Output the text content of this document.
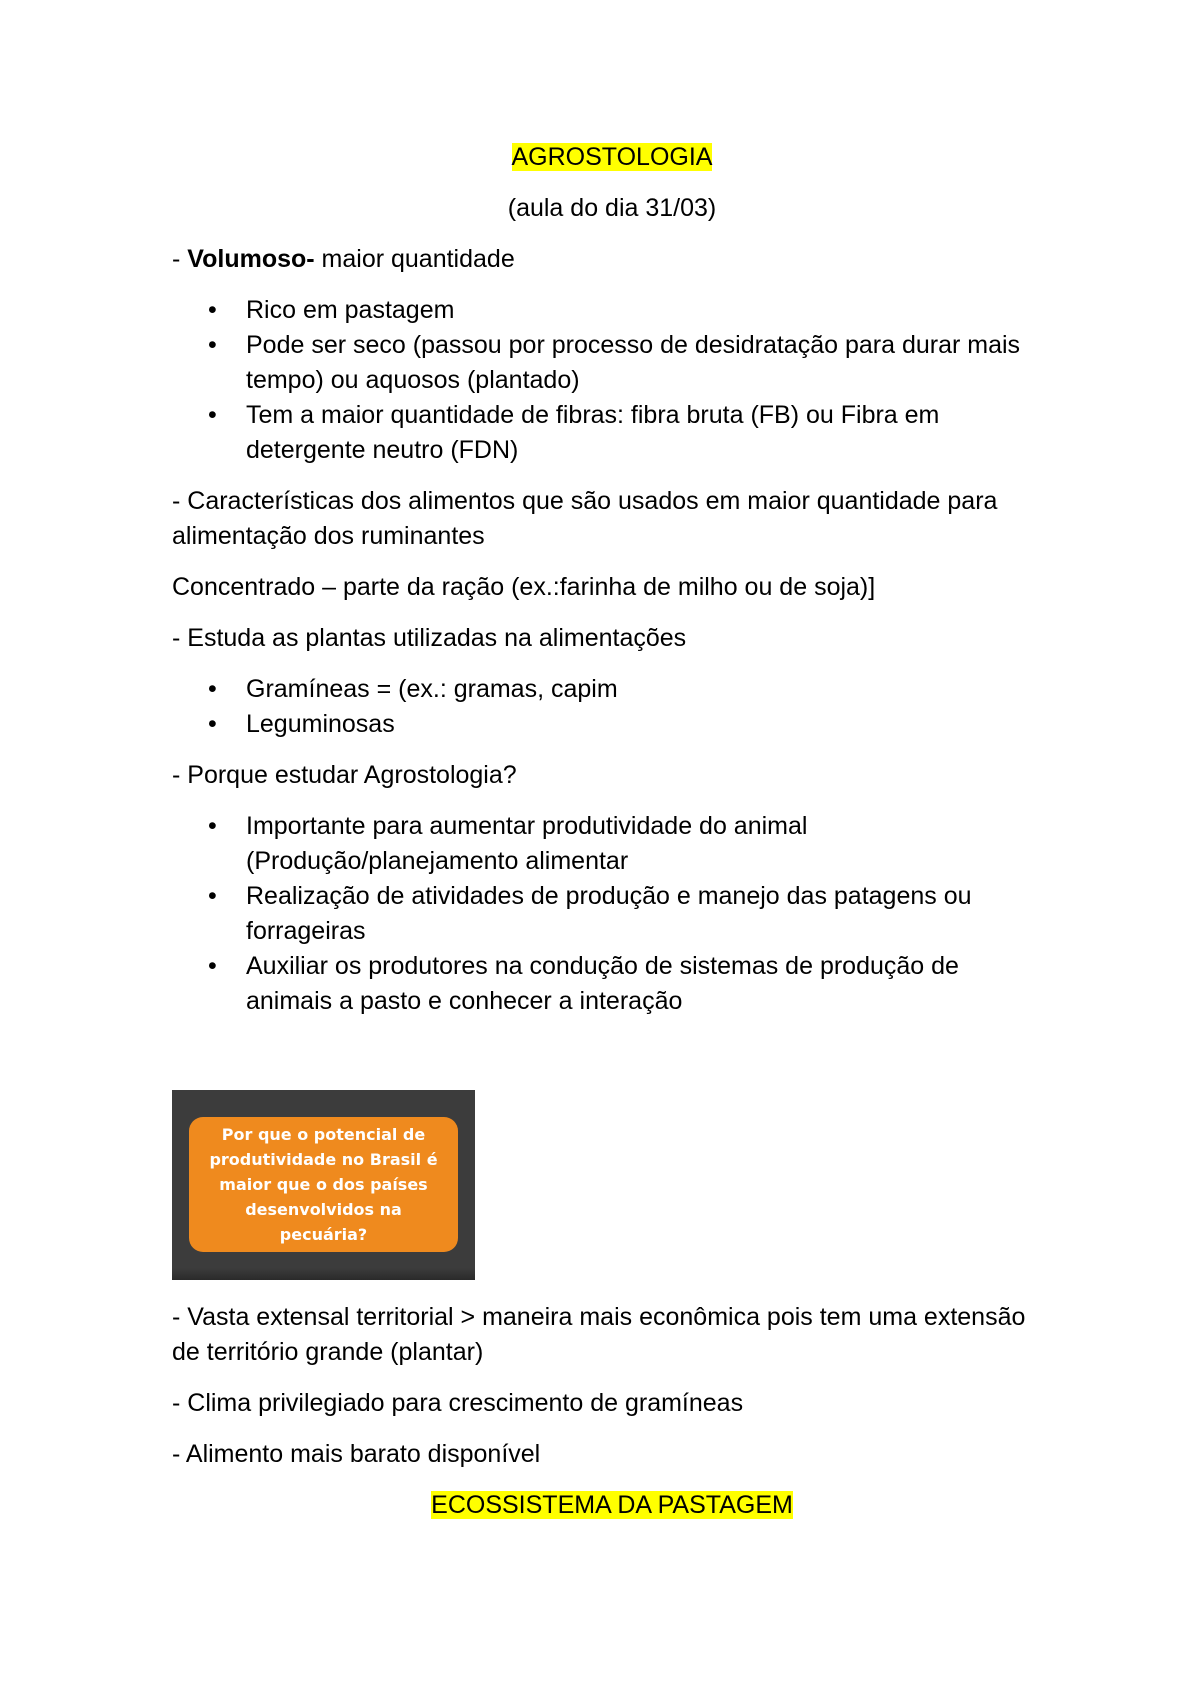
AGROSTOLOGIA

(aula do dia 31/03)

- Volumoso- maior quantidade

• Rico em pastagem
• Pode ser seco (passou por processo de desidratação para durar mais tempo) ou aquosos (plantado)
• Tem a maior quantidade de fibras: fibra bruta (FB) ou Fibra em detergente neutro (FDN)

- Características dos alimentos que são usados em maior quantidade para alimentação dos ruminantes

Concentrado – parte da ração (ex.:farinha de milho ou de soja)]

- Estuda as plantas utilizadas na alimentações

• Gramíneas = (ex.: gramas, capim
• Leguminosas

- Porque estudar Agrostologia?

• Importante para aumentar produtividade do animal (Produção/planejamento alimentar
• Realização de atividades de produção e manejo das patagens ou forrageiras
• Auxiliar os produtores na condução de sistemas de produção de animais a pasto e conhecer a interação
Por que o potencial de produtividade no Brasil é maior que o dos países desenvolvidos na pecuária?

- Vasta extensal territorial > maneira mais econômica pois tem uma extensão de território grande (plantar)

- Clima privilegiado para crescimento de gramíneas

- Alimento mais barato disponível

ECOSSISTEMA DA PASTAGEM
